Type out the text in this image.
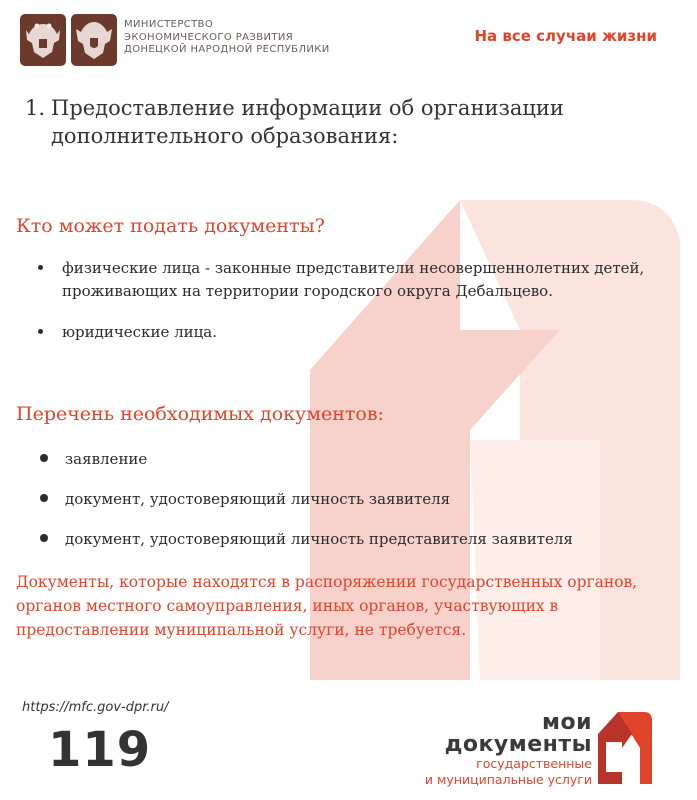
МИНИСТЕРСТВО
ЭКОНОМИЧЕСКОГО РАЗВИТИЯ
ДОНЕЦКОЙ НАРОДНОЙ РЕСПУБЛИКИ
На все случаи жизни
1. Предоставление информации об организации дополнительного образования:
Кто может подать документы?
физические лица - законные представители несовершеннолетних детей, проживающих на территории городского округа Дебальцево.
юридические лица.
Перечень необходимых документов:
заявление
документ, удостоверяющий личность заявителя
документ, удостоверяющий личность представителя заявителя
Документы, которые находятся в распоряжении государственных органов, органов местного самоуправления, иных органов, участвующих в предоставлении муниципальной услуги, не требуется.
https://mfc.gov-dpr.ru/
119	мои
документы
государственные
и муниципальные услуги
